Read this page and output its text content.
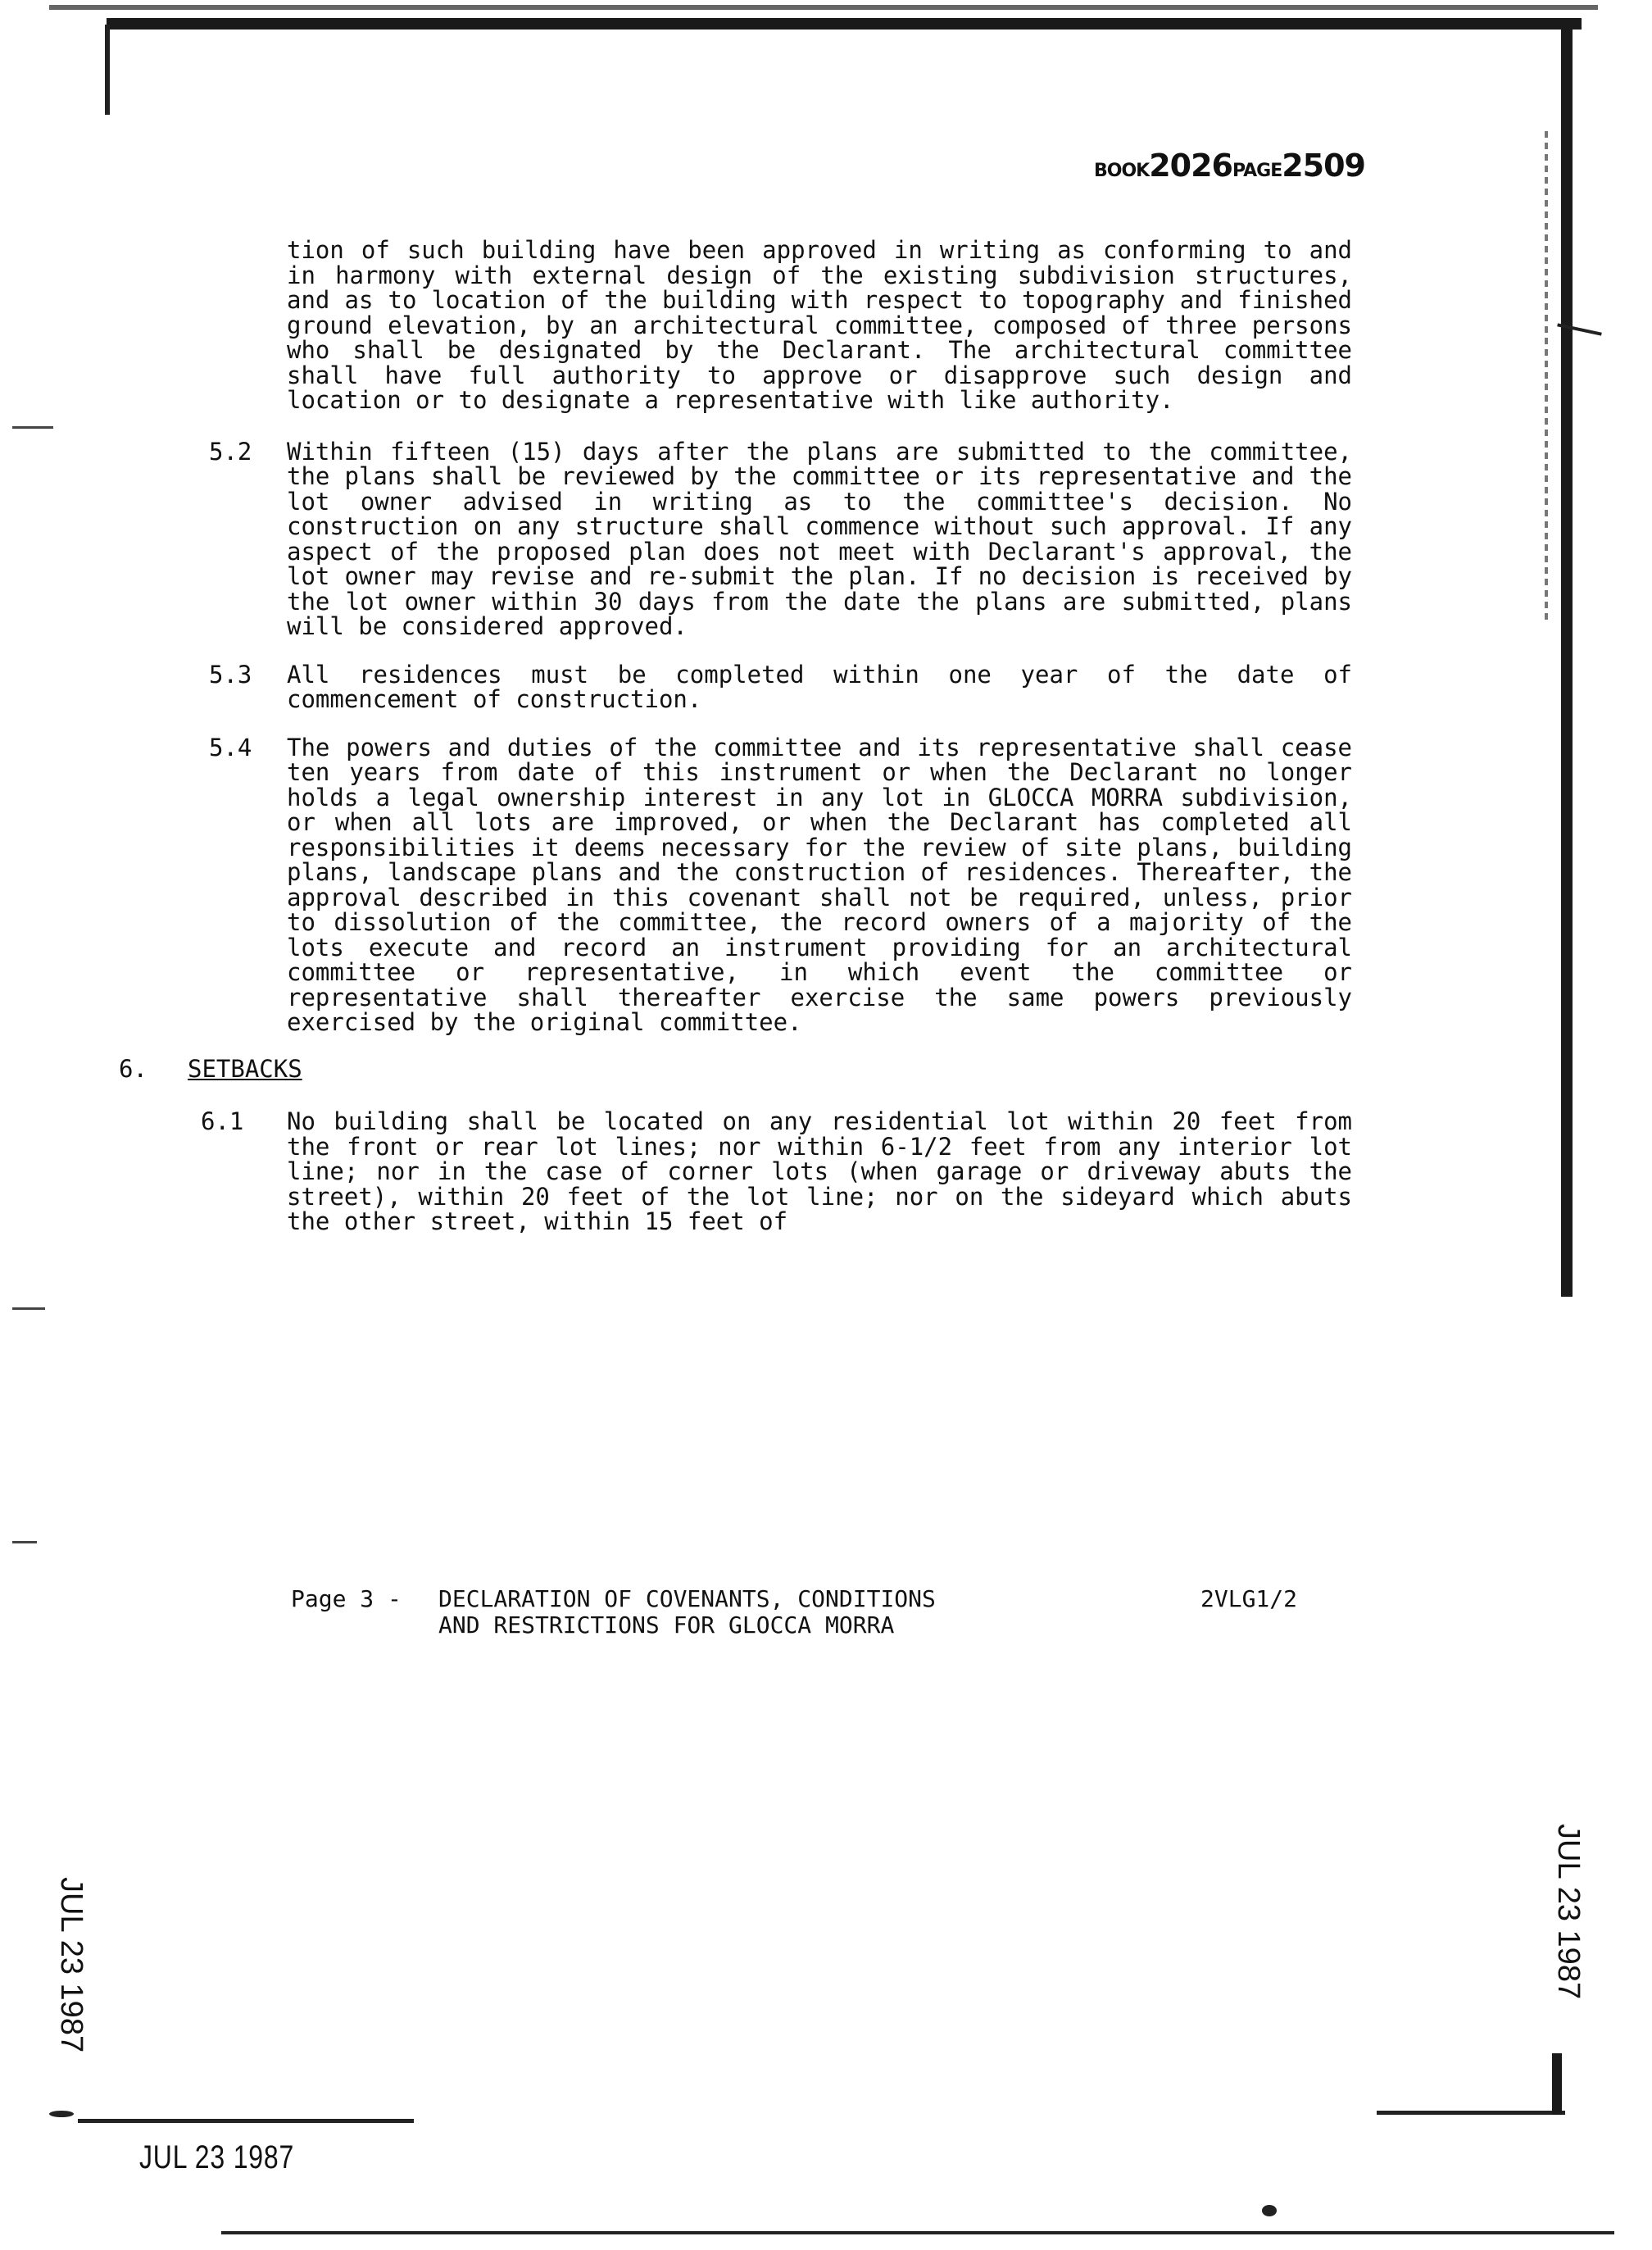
BOOK2026PAGE2509
tion of such building have been approved in writing as conforming to and in harmony with external design of the existing subdivision structures, and as to location of the building with respect to topography and finished ground elevation, by an architectural committee, composed of three persons who shall be designated by the Declarant. The architectural committee shall have full authority to approve or disapprove such design and location or to designate a representative with like authority.
5.2	Within fifteen (15) days after the plans are submitted to the committee, the plans shall be reviewed by the committee or its representative and the lot owner advised in writing as to the committee's decision. No construction on any structure shall commence without such approval. If any aspect of the proposed plan does not meet with Declarant's approval, the lot owner may revise and re-submit the plan. If no decision is received by the lot owner within 30 days from the date the plans are submitted, plans will be considered approved.
5.3	All residences must be completed within one year of the date of commencement of construction.
5.4	The powers and duties of the committee and its representative shall cease ten years from date of this instrument or when the Declarant no longer holds a legal ownership interest in any lot in GLOCCA MORRA subdivision, or when all lots are improved, or when the Declarant has completed all responsibilities it deems necessary for the review of site plans, building plans, landscape plans and the construction of residences. Thereafter, the approval described in this covenant shall not be required, unless, prior to dissolution of the committee, the record owners of a majority of the lots execute and record an instrument providing for an architectural committee or representative, in which event the committee or representative shall thereafter exercise the same powers previously exercised by the original committee.
6.	SETBACKS
6.1	No building shall be located on any residential lot within 20 feet from the front or rear lot lines; nor within 6-1/2 feet from any interior lot line; nor in the case of corner lots (when garage or driveway abuts the street), within 20 feet of the lot line; nor on the sideyard which abuts the other street, within 15 feet of
Page 3 -	DECLARATION OF COVENANTS, CONDITIONS	2VLG1/2
AND RESTRICTIONS FOR GLOCCA MORRA
JUL 23 1987
JUL 23 1987	JUL 23 1987
